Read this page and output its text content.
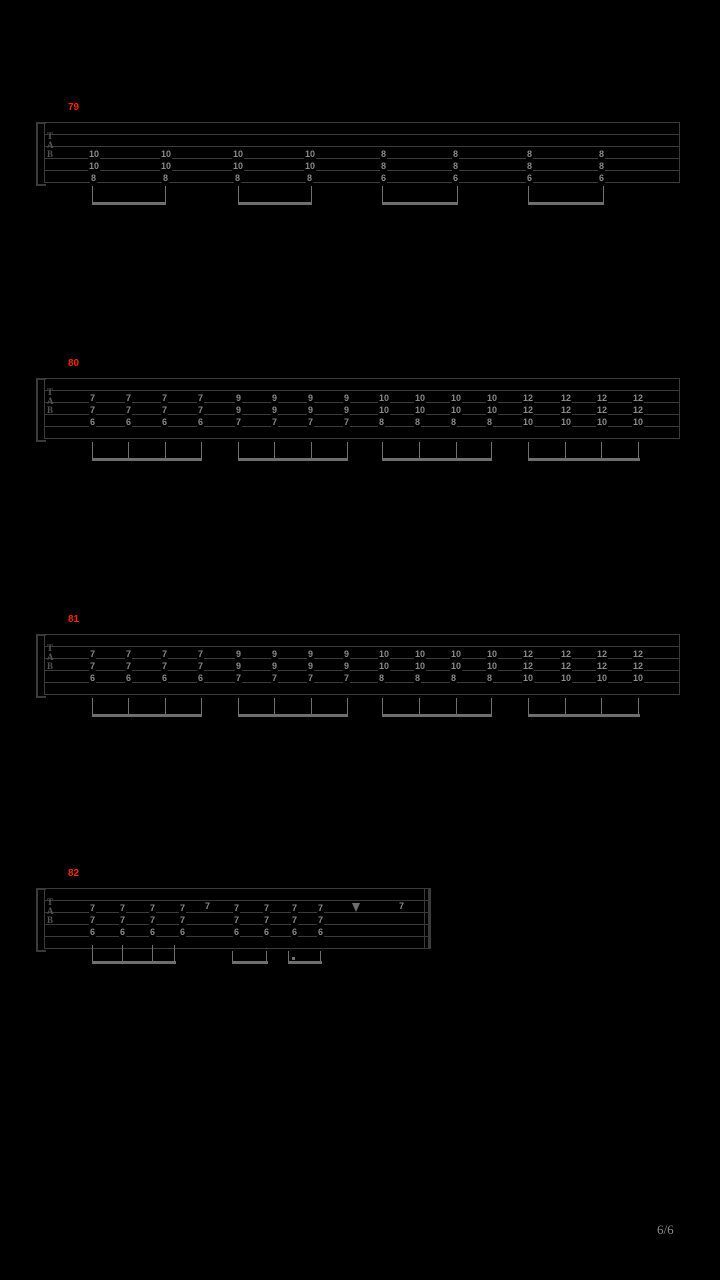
79
T
A
B	10
10
8
10
10
8
10
10
8
10
10
8
8
8
6
8
8
6
8
8
6
8
8
6
80
T
A
B
7
7
6
7
7
6
7
7
6
7
7
6
9
9
7
9
9
7
9
9
7
9
9
7
10
10
8
10
10
8
10
10
8
10
10
8
12
12
10
12
12
10
12
12
10
12
12
10
81
T
A
B
7
7
6
7
7
6
7
7
6
7
7
6
9
9
7
9
9
7
9
9
7
9
9
7
10
10
8
10
10
8
10
10
8
10
10
8
12
12
10
12
12
10
12
12
10
12
12
10
82
T
A
B
7
7
6
7
7
6
7
7
6
7
7
6
7	7
7
6
7
7
6
7
7
6
7
7
6
7
6/6
